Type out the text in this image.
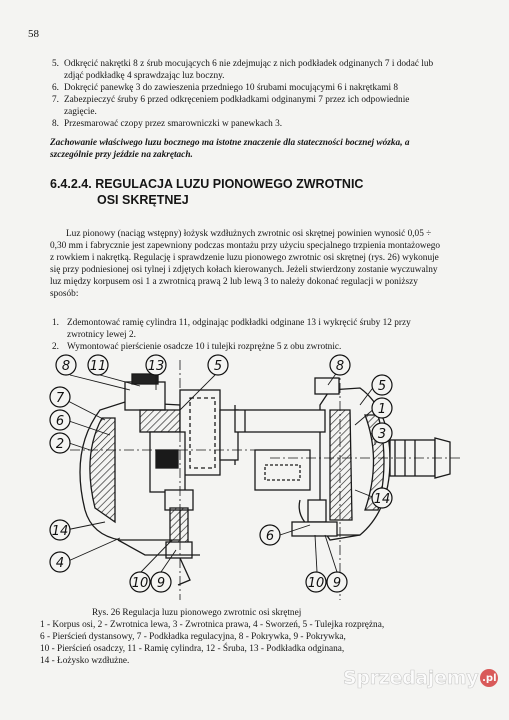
58
5. Odkręcić nakrętki 8 z śrub mocujących 6 nie zdejmując z nich podkładek odginanych 7 i dodać lub zdjąć podkładkę 4 sprawdzając luz boczny.
6. Dokręcić panewkę 3 do zawieszenia przedniego 10 śrubami mocującymi 6 i nakrętkami 8
7. Zabezpieczyć śruby 6 przed odkręceniem podkładkami odginanymi 7 przez ich odpowiednie zagięcie.
8. Przesmarować czopy przez smarowniczki w panewkach 3.
Zachowanie właściwego luzu bocznego ma istotne znaczenie dla stateczności bocznej wózka, a szczególnie przy jeździe na zakrętach.
6.4.2.4. REGULACJA LUZU PIONOWEGO ZWROTNIC OSI SKRĘTNEJ
Luz pionowy (naciąg wstępny) łożysk wzdłużnych zwrotnic osi skrętnej powinien wynosić 0,05 ÷ 0,30 mm i fabrycznie jest zapewniony podczas montażu przy użyciu specjalnego trzpienia montażowego z rowkiem i nakrętką. Regulację i sprawdzenie luzu pionowego zwrotnic osi skrętnej (rys. 26) wykonuje się przy podniesionej osi tylnej i zdjętych kołach kierowanych. Jeżeli stwierdzony zostanie wyczuwalny luz między korpusem osi 1 a zwrotnicą prawą 2 lub lewą 3 to należy dokonać regulacji w poniższy sposób:
1. Zdemontować ramię cylindra 11, odginając podkładki odginane 13 i wykręcić śruby 12 przy zwrotnicy lewej 2.
2. Wymontować pierścienie osadcze 10 i tulejki rozprężne 5 z obu zwrotnic.
8 11	13	5
7
6
2
14
4
10 9
8
5
1
3
14
6
10 9
Rys. 26 Regulacja luzu pionowego zwrotnic osi skrętnej
1 - Korpus osi, 2 - Zwrotnica lewa, 3 - Zwrotnica prawa, 4 - Sworzeń, 5 - Tulejka rozprężna,
6 - Pierścień dystansowy, 7 - Podkładka regulacyjna, 8 - Pokrywka, 9 - Pokrywka,
10 - Pierścień osadczy, 11 - Ramię cylindra, 12 - Śruba, 13 - Podkładka odginana,
14 - Łożysko wzdłużne.
Sprzedajemy .pl
